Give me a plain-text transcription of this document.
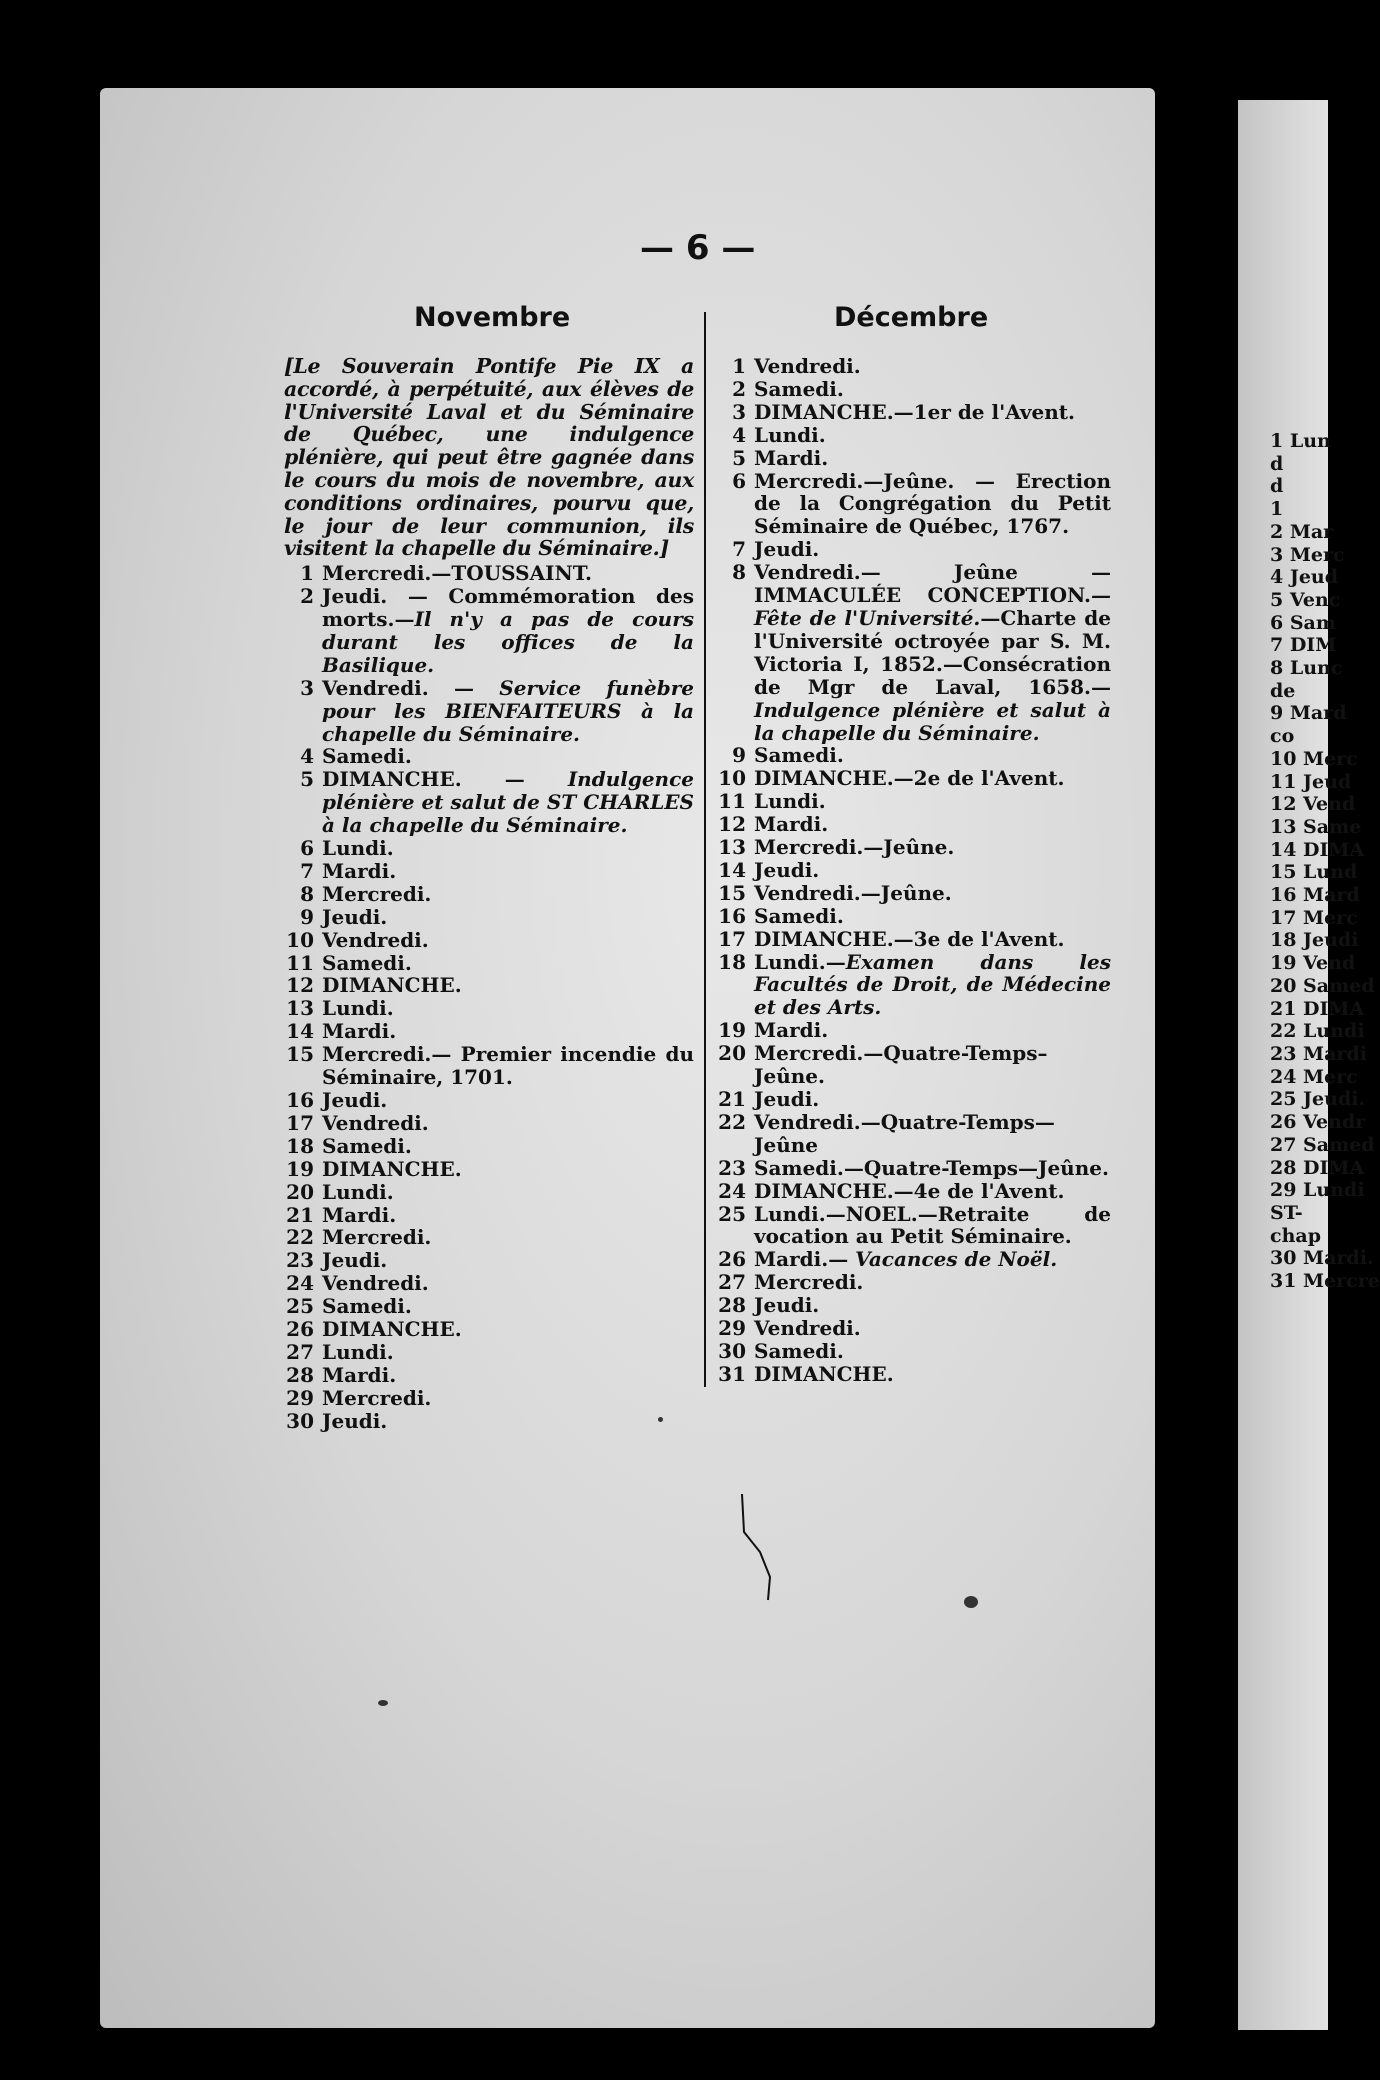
1 Lun
d
d
1
2 Mar
3 Merc
4 Jeud
5 Venc
6 Sam
7 DIM
8 Lunc
de
9 Mard
co
10 Merc
11 Jeud
12 Vend
13 Same
14 DIMA
15 Lund
16 Mard
17 Merc
18 Jeudi
19 Vend
20 Samed
21 DIMA
22 Lundi
23 Mardi
24 Merc
25 Jeudi.
26 Vendr
27 Samed
28 DIMA
29 Lundi
ST-
chap
30 Mardi.
31 Mercre
— 6 —
Novembre	Décembre

[Le Souverain Pontife Pie IX a accordé, à perpétuité, aux élèves de l'Université Laval et du Séminaire de Québec, une indulgence plénière, qui peut être gagnée dans le cours du mois de novembre, aux conditions ordinaires, pourvu que, le jour de leur communion, ils visitent la chapelle du Séminaire.]

1 Mercredi.—TOUSSAINT.
2 Jeudi. — Commémoration des morts.—Il n'y a pas de cours durant les offices de la Basilique.
3 Vendredi. — Service funèbre pour les BIENFAITEURS à la chapelle du Séminaire.
4 Samedi.
5 DIMANCHE. — Indulgence plénière et salut de ST CHARLES à la chapelle du Séminaire.
6 Lundi.
7 Mardi.
8 Mercredi.
9 Jeudi.
10 Vendredi.
11 Samedi.
12 DIMANCHE.
13 Lundi.
14 Mardi.
15 Mercredi.— Premier incendie du Séminaire, 1701.
16 Jeudi.
17 Vendredi.
18 Samedi.
19 DIMANCHE.
20 Lundi.
21 Mardi.
22 Mercredi.
23 Jeudi.
24 Vendredi.
25 Samedi.
26 DIMANCHE.
27 Lundi.
28 Mardi.
29 Mercredi.
30 Jeudi.
1 Vendredi.
2 Samedi.
3 DIMANCHE.—1er de l'Avent.
4 Lundi.
5 Mardi.
6 Mercredi.—Jeûne. — Erection de la Congrégation du Petit Séminaire de Québec, 1767.
7 Jeudi.
8 Vendredi.— Jeûne — IMMACULÉE CONCEPTION.—Fête de l'Université.—Charte de l'Université octroyée par S. M. Victoria I, 1852.—Consécration de Mgr de Laval, 1658.—Indulgence plénière et salut à la chapelle du Séminaire.
9 Samedi.
10 DIMANCHE.—2e de l'Avent.
11 Lundi.
12 Mardi.
13 Mercredi.—Jeûne.
14 Jeudi.
15 Vendredi.—Jeûne.
16 Samedi.
17 DIMANCHE.—3e de l'Avent.
18 Lundi.—Examen dans les Facultés de Droit, de Médecine et des Arts.
19 Mardi.
20 Mercredi.—Quatre-Temps–Jeûne.
21 Jeudi.
22 Vendredi.—Quatre-Temps—Jeûne
23 Samedi.—Quatre-Temps—Jeûne.
24 DIMANCHE.—4e de l'Avent.
25 Lundi.—NOEL.—Retraite de vocation au Petit Séminaire.
26 Mardi.— Vacances de Noël.
27 Mercredi.
28 Jeudi.
29 Vendredi.
30 Samedi.
31 DIMANCHE.
